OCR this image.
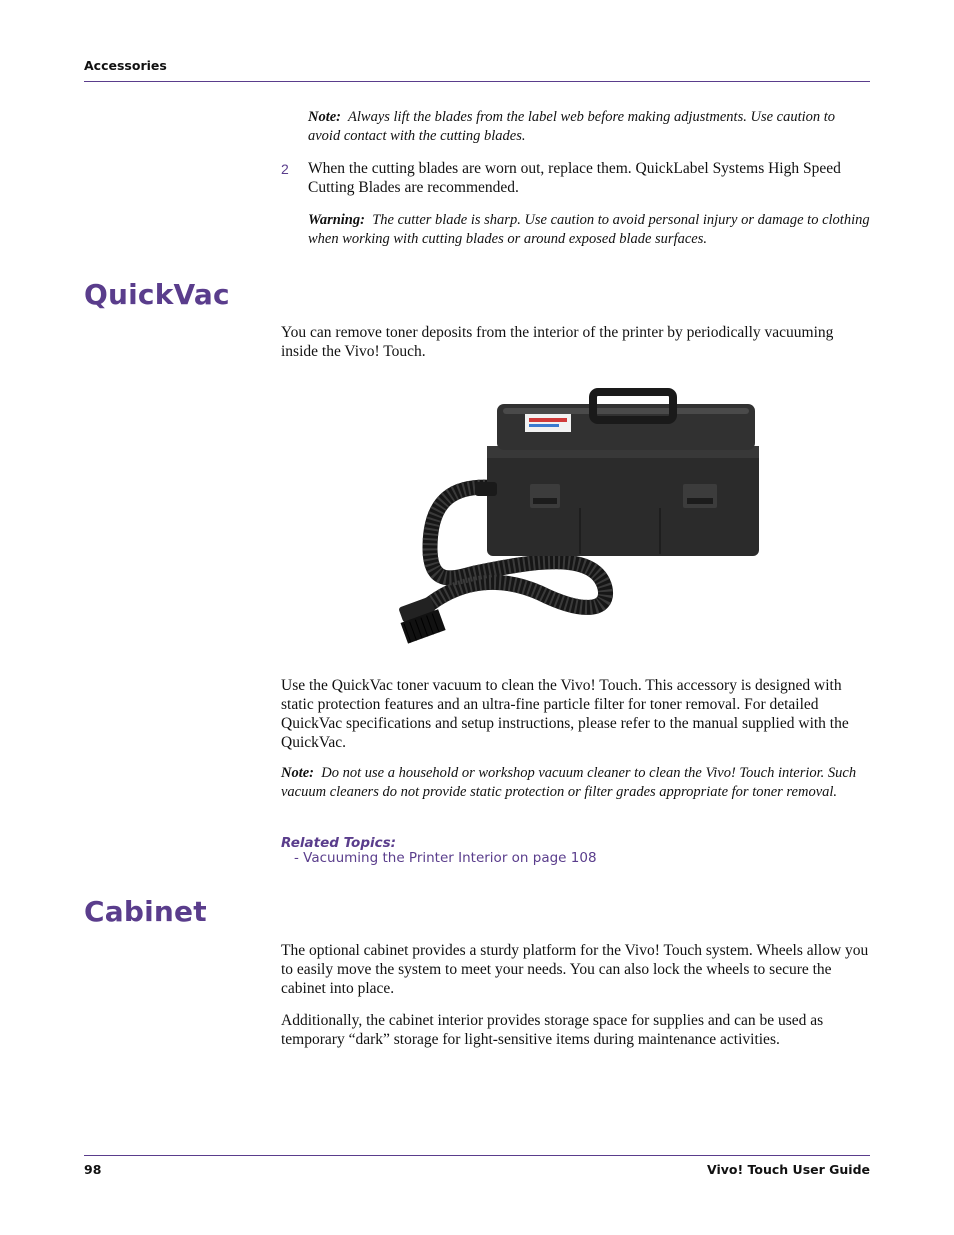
Accessories
Note: Always lift the blades from the label web before making adjustments. Use caution to avoid contact with the cutting blades.
2 When the cutting blades are worn out, replace them. QuickLabel Systems High Speed Cutting Blades are recommended.
Warning: The cutter blade is sharp. Use caution to avoid personal injury or damage to clothing when working with cutting blades or around exposed blade surfaces.
QuickVac
You can remove toner deposits from the interior of the printer by periodically vacuuming inside the Vivo! Touch.
Use the QuickVac toner vacuum to clean the Vivo! Touch. This accessory is designed with static protection features and an ultra-fine particle filter for toner removal. For detailed QuickVac specifications and setup instructions, please refer to the manual supplied with the QuickVac.
Note: Do not use a household or workshop vacuum cleaner to clean the Vivo! Touch interior. Such vacuum cleaners do not provide static protection or filter grades appropriate for toner removal.
Related Topics:
- Vacuuming the Printer Interior on page 108
Cabinet
The optional cabinet provides a sturdy platform for the Vivo! Touch system. Wheels allow you to easily move the system to meet your needs. You can also lock the wheels to secure the cabinet into place.
Additionally, the cabinet interior provides storage space for supplies and can be used as temporary “dark” storage for light-sensitive items during maintenance activities.
98	Vivo! Touch User Guide
